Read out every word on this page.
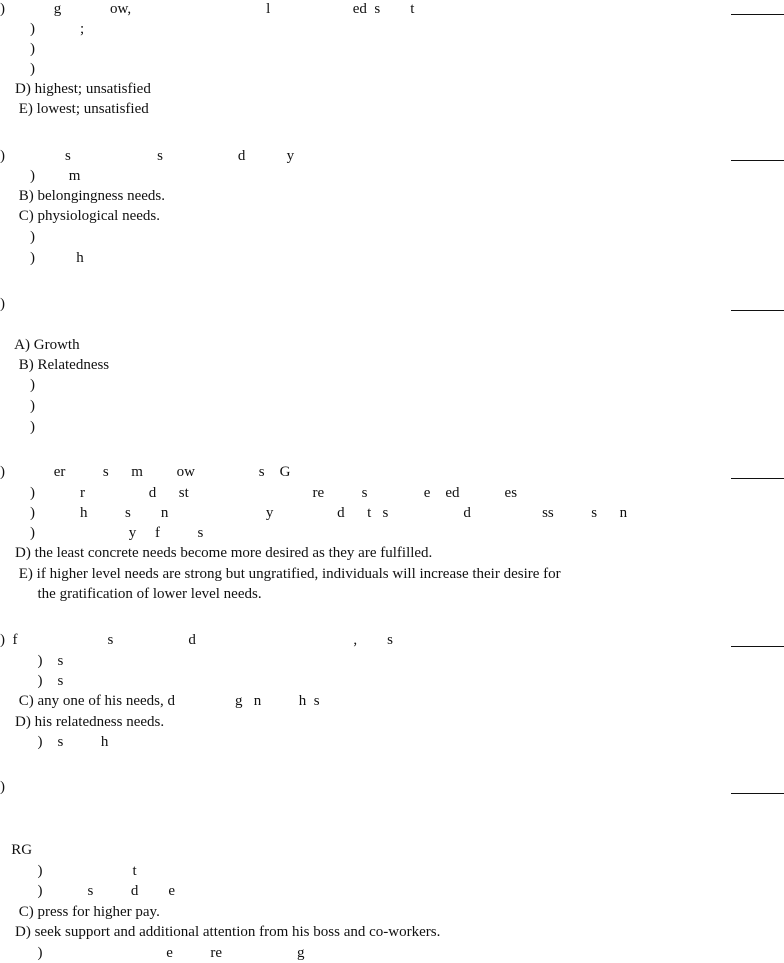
)             g             ow,                                    l                      ed  s        t
)            ;
)
)
D) highest; unsatisfied
E) lowest; unsatisfied
)                s                       s                    d           y
)         m
B) belongingness needs.
C) physiological needs.
)
)           h
)
A) Growth
B) Relatedness
)
)
)
)             er          s      m         ow                 s    G
)            r                 d      st                                 re          s               e    ed            es
)            h          s        n                          y                 d      t   s                    d                   ss          s      n
)                         y     f          s
D) the least concrete needs become more desired as they are fulfilled.
E) if higher level needs are strong but ungratified, individuals will increase their desire for
the gratification of lower level needs.
)  f                        s                    d                                          ,        s
)    s
)    s
C) any one of his needs, d                g   n          h  s
D) his relatedness needs.
)    s          h
)
RG
)                        t
)            s          d        e
C) press for higher pay.
D) seek support and additional attention from his boss and co-workers.
)                                 e          re                    g
